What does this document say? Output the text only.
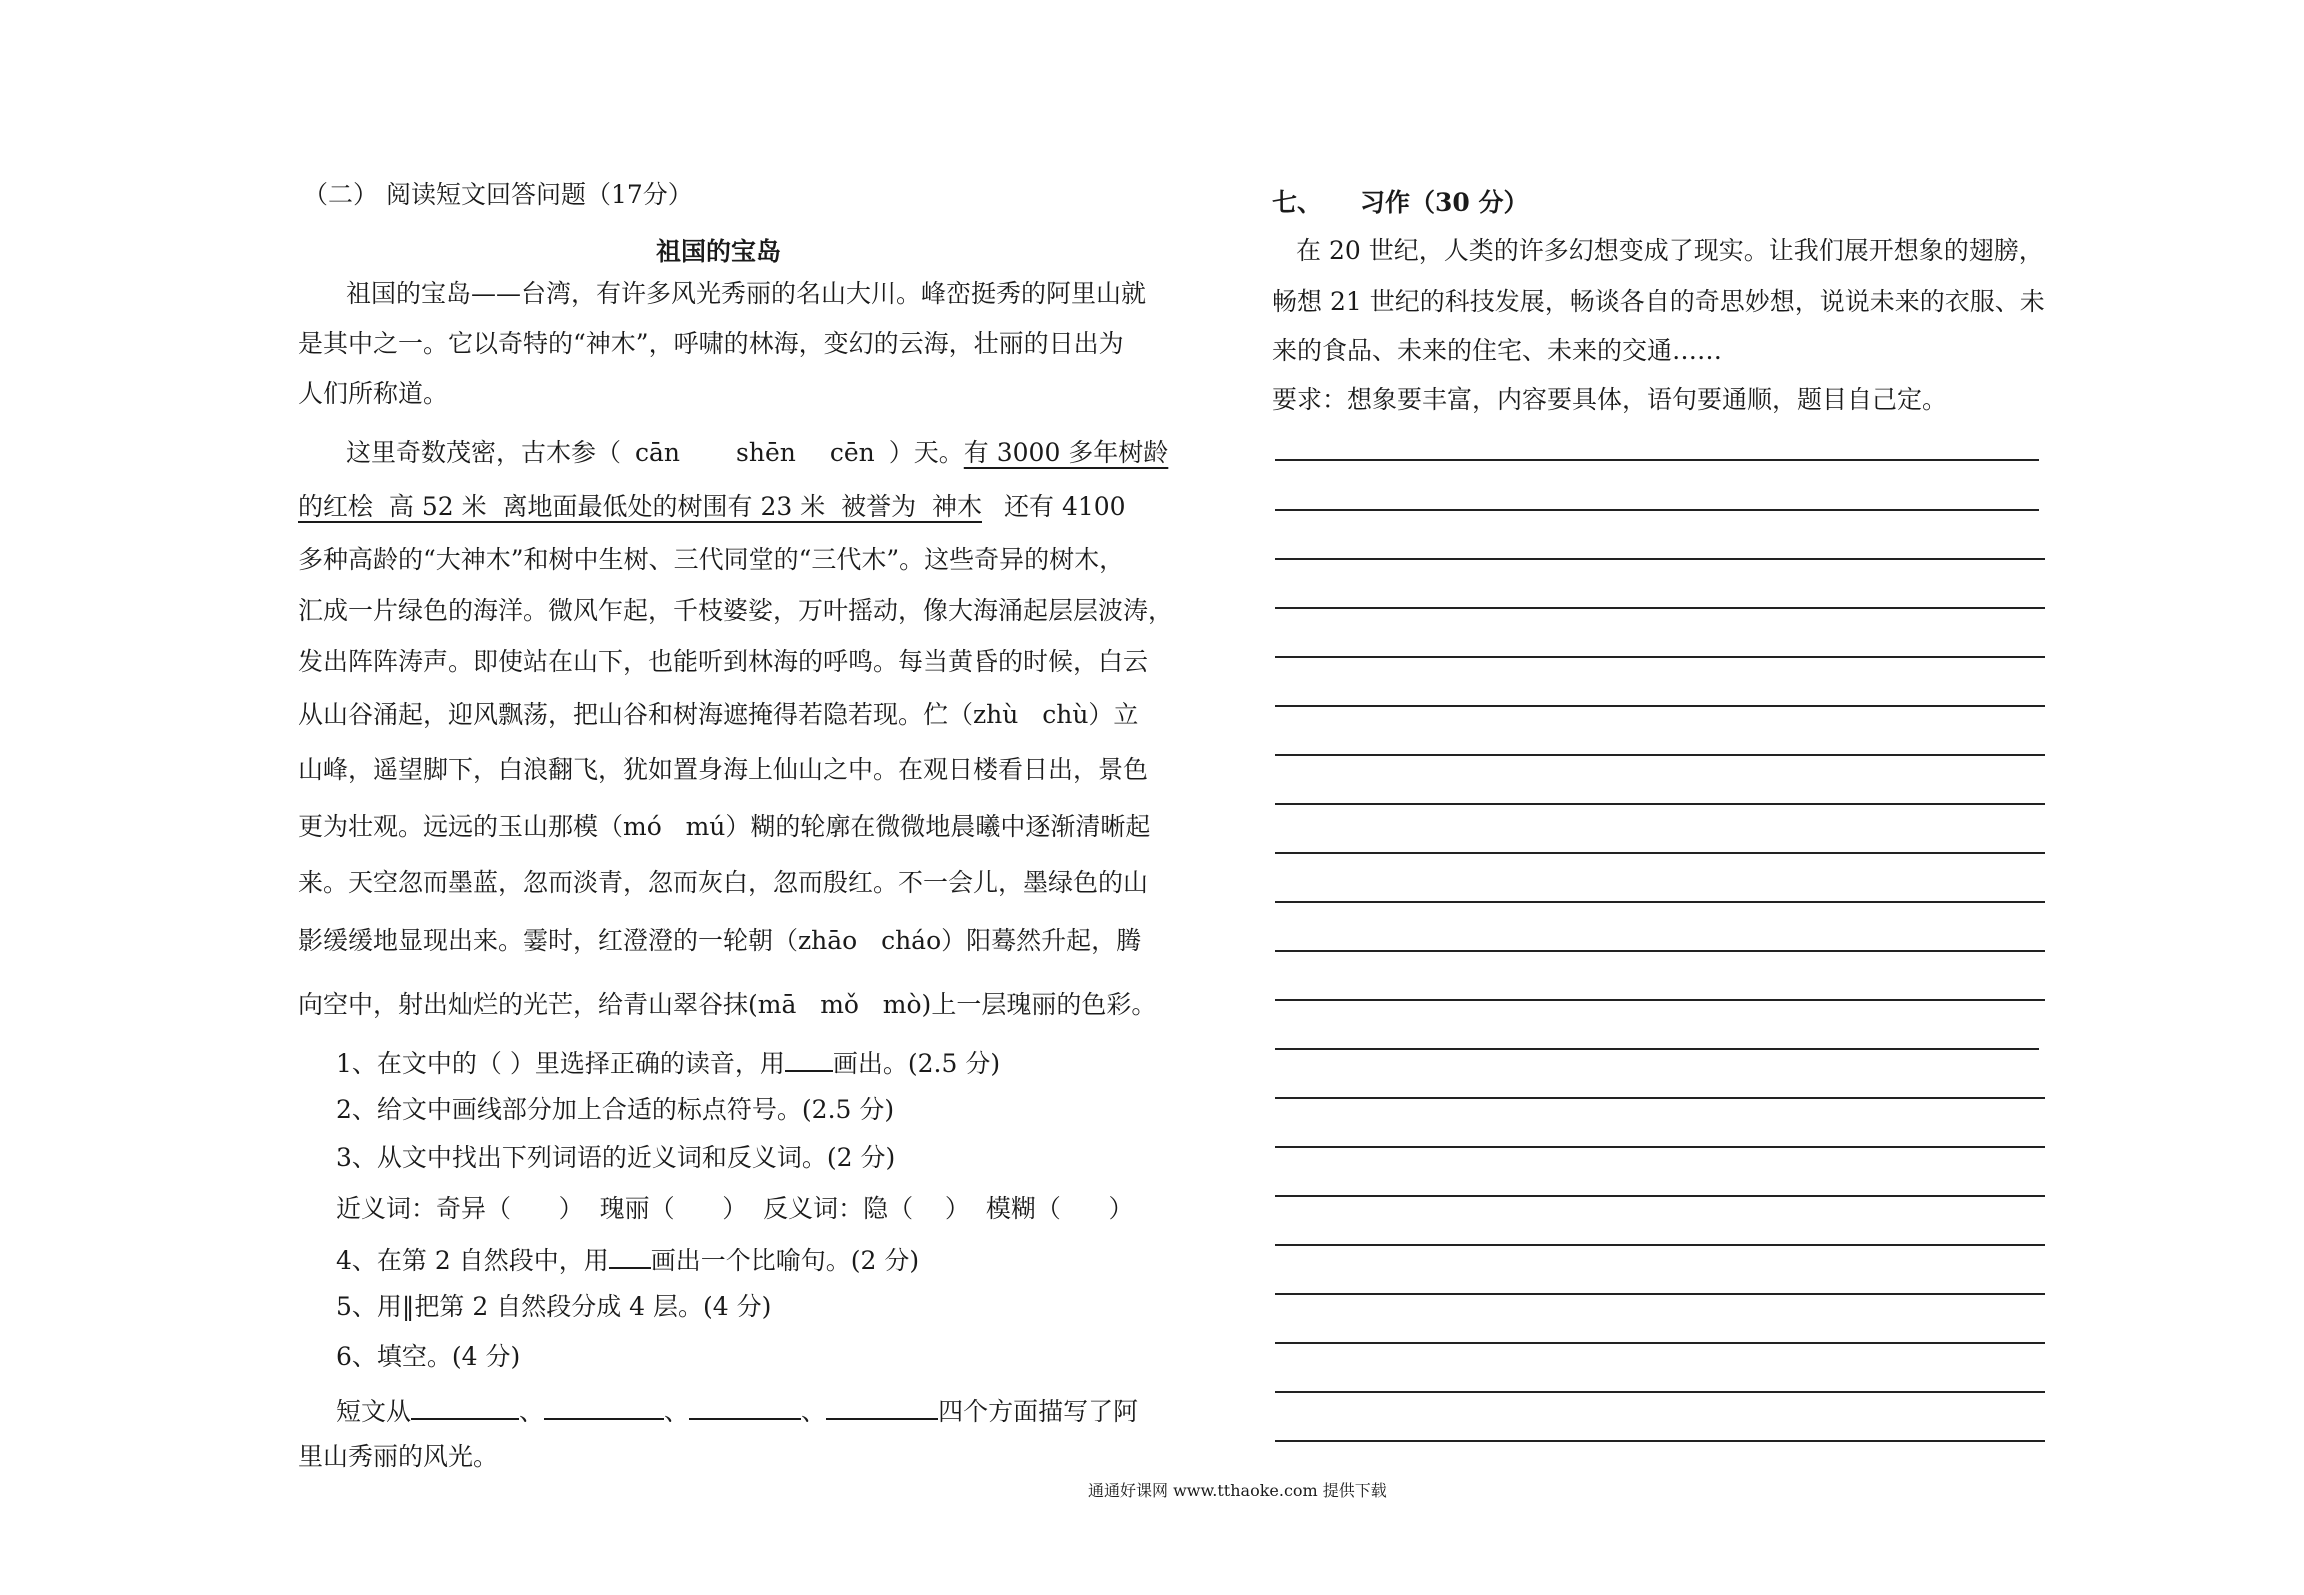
（二） 阅读短文回答问题（17分）
祖国的宝岛
祖国的宝岛——台湾，有许多风光秀丽的名山大川。峰峦挺秀的阿里山就
是其中之一。它以奇特的“神木”，呼啸的林海，变幻的云海，壮丽的日出为
人们所称道。
这里奇数茂密，古木参（ cān shēn cēn ）天。有 3000 多年树龄
的红桧  高 52 米  离地面最低处的树围有 23 米  被誉为  神木 还有 4100
多种高龄的“大神木”和树中生树、三代同堂的“三代木”。这些奇异的树木，
汇成一片绿色的海洋。微风乍起，千枝婆娑，万叶摇动，像大海涌起层层波涛，
发出阵阵涛声。即使站在山下，也能听到林海的呼鸣。每当黄昏的时候，白云
从山谷涌起，迎风飘荡，把山谷和树海遮掩得若隐若现。伫（zhù   chù）立
山峰，遥望脚下，白浪翻飞，犹如置身海上仙山之中。在观日楼看日出，景色
更为壮观。远远的玉山那模（mó   mú）糊的轮廓在微微地晨曦中逐渐清晰起
来。天空忽而墨蓝，忽而淡青，忽而灰白，忽而殷红。不一会儿，墨绿色的山
影缓缓地显现出来。霎时，红澄澄的一轮朝（zhāo   cháo）阳蓦然升起，腾
向空中，射出灿烂的光芒，给青山翠谷抹(mā   mǒ   mò)上一层瑰丽的色彩。
1、在文中的（ ）里选择正确的读音，用 画出。(2.5 分)
2、给文中画线部分加上合适的标点符号。(2.5 分)
3、从文中找出下列词语的近义词和反义词。(2 分)
近义词：奇异（      ）  瑰丽（      ）  反义词：隐（    ）  模糊（      ）
4、在第 2 自然段中，用 画出一个比喻句。(2 分)
5、用‖把第 2 自然段分成 4 层。(4 分)
6、填空。(4 分)
短文从	、	、	、	四个方面描写了阿
里山秀丽的风光。
七、 习作（30 分）
在 20 世纪，人类的许多幻想变成了现实。让我们展开想象的翅膀，
畅想 21 世纪的科技发展，畅谈各自的奇思妙想，说说未来的衣服、未
来的食品、未来的住宅、未来的交通……
要求：想象要丰富，内容要具体，语句要通顺，题目自己定。
通通好课网 www.tthaoke.com 提供下载
